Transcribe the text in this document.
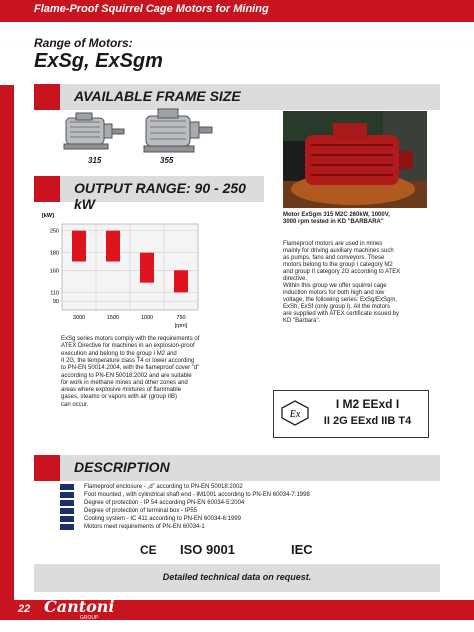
Flame-Proof Squirrel Cage Motors for Mining
Range of Motors:
ExSg, ExSgm
AVAILABLE FRAME SIZE
315	355
OUTPUT RANGE: 90 - 250 kW
Motor ExSgm 315 M2C 260kW, 1000V,
3000 rpm tested in KD "BARBARA"
250
180
160
110
90
3000	1500	1000	750
[kW]
[rpm]
Flameproof motors are used in mines
mainly for driving auxiliary machines such
as pumps, fans and conveyors. These
motors belong to the group I category M2
and group II category 2G according to ATEX
directive.
Within this group we offer squirrel cage
induction motors for both high and low
voltage, the following series: ExSg/ExSgm,
ExSh, ExSf (only group I). All the motors
are supplied with ATEX certificate issued by
KD "Barbara".
ExSg series motors comply with the requirements of
ATEX Directive for machines in an explosion-proof
execution and belong to the group I M2 and
II 2G, the temperature class T4 or lower according
to PN-EN 50014:2004, with the flameproof cover "d"
according to PN-EN 50018:2002 and are suitable
for work in methane mines and other zones and
areas where explosive mixtures of flammable
gases, steams or vapors with air (group IIB)
can occur.
Ex
I M2 EExd I
II 2G EExd IIB T4
DESCRIPTION
Flameproof enclosure - „d” according to PN-EN 50018:2002
Foot mounted , with cylindrical shaft end - IM1001 according to PN-EN 60034-7:1998
Degree of protection - IP 54 according PN-EN 60034-5:2004
Degree of protection of terminal box - IP55
Cooling system - IC 411 according to PN-EN 60034-6:1999
Motors meet requirements of PN-EN 60034-1
CE ISO 9001	IEC
Detailed technical data on request.
22 Cantoni
GROUP
